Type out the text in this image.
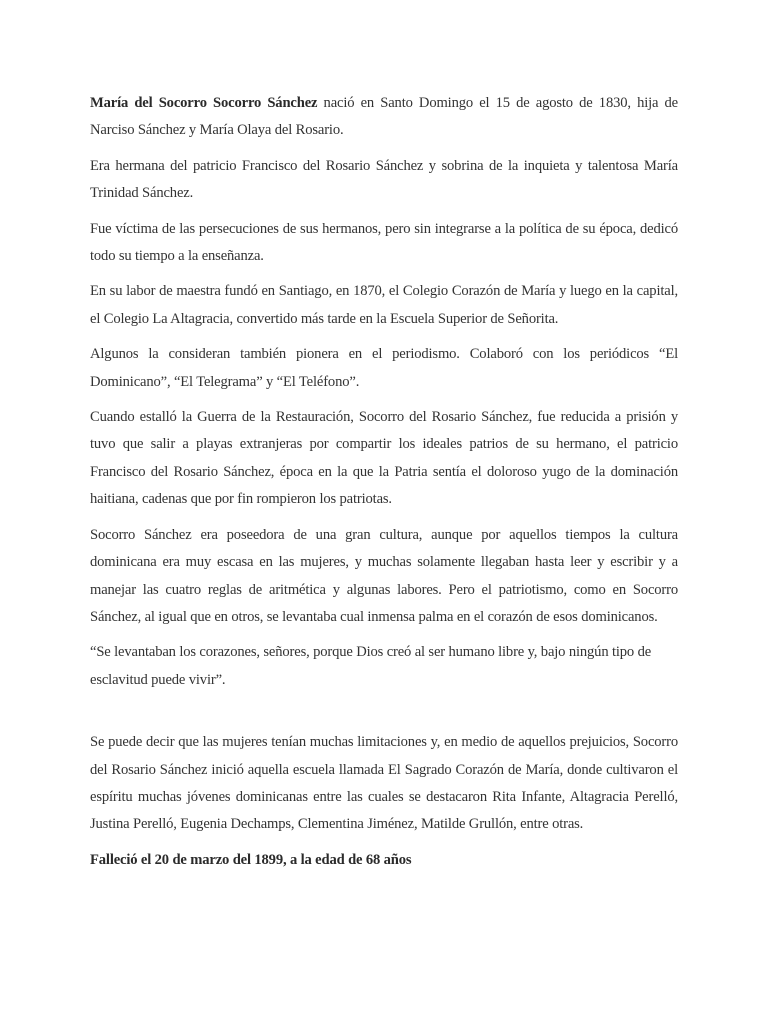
María del Socorro Socorro Sánchez nació en Santo Domingo el 15 de agosto de 1830, hija de Narciso Sánchez y María Olaya del Rosario.

Era hermana del patricio Francisco del Rosario Sánchez y sobrina de la inquieta y talentosa María Trinidad Sánchez.

Fue víctima de las persecuciones de sus hermanos, pero sin integrarse a la política de su época, dedicó todo su tiempo a la enseñanza.

En su labor de maestra fundó en Santiago, en 1870, el Colegio Corazón de María y luego en la capital, el Colegio La Altagracia, convertido más tarde en la Escuela Superior de Señorita.

Algunos la consideran también pionera en el periodismo. Colaboró con los periódicos “El Dominicano”, “El Telegrama” y “El Teléfono”.

Cuando estalló la Guerra de la Restauración, Socorro del Rosario Sánchez, fue reducida a prisión y tuvo que salir a playas extranjeras por compartir los ideales patrios de su hermano, el patricio Francisco del Rosario Sánchez, época en la que la Patria sentía el doloroso yugo de la dominación haitiana, cadenas que por fin rompieron los patriotas.

Socorro Sánchez era poseedora de una gran cultura, aunque por aquellos tiempos la cultura dominicana era muy escasa en las mujeres, y muchas solamente llegaban hasta leer y escribir y a manejar las cuatro reglas de aritmética y algunas labores. Pero el patriotismo, como en Socorro Sánchez, al igual que en otros, se levantaba cual inmensa palma en el corazón de esos dominicanos.

“Se levantaban los corazones, señores, porque Dios creó al ser humano libre y, bajo ningún tipo de esclavitud puede vivir”.

Se puede decir que las mujeres tenían muchas limitaciones y, en medio de aquellos prejuicios, Socorro del Rosario Sánchez inició aquella escuela llamada El Sagrado Corazón de María, donde cultivaron el espíritu muchas jóvenes dominicanas entre las cuales se destacaron Rita Infante, Altagracia Perelló, Justina Perelló, Eugenia Dechamps, Clementina Jiménez, Matilde Grullón, entre otras.

Falleció el 20 de marzo del 1899, a la edad de 68 años
